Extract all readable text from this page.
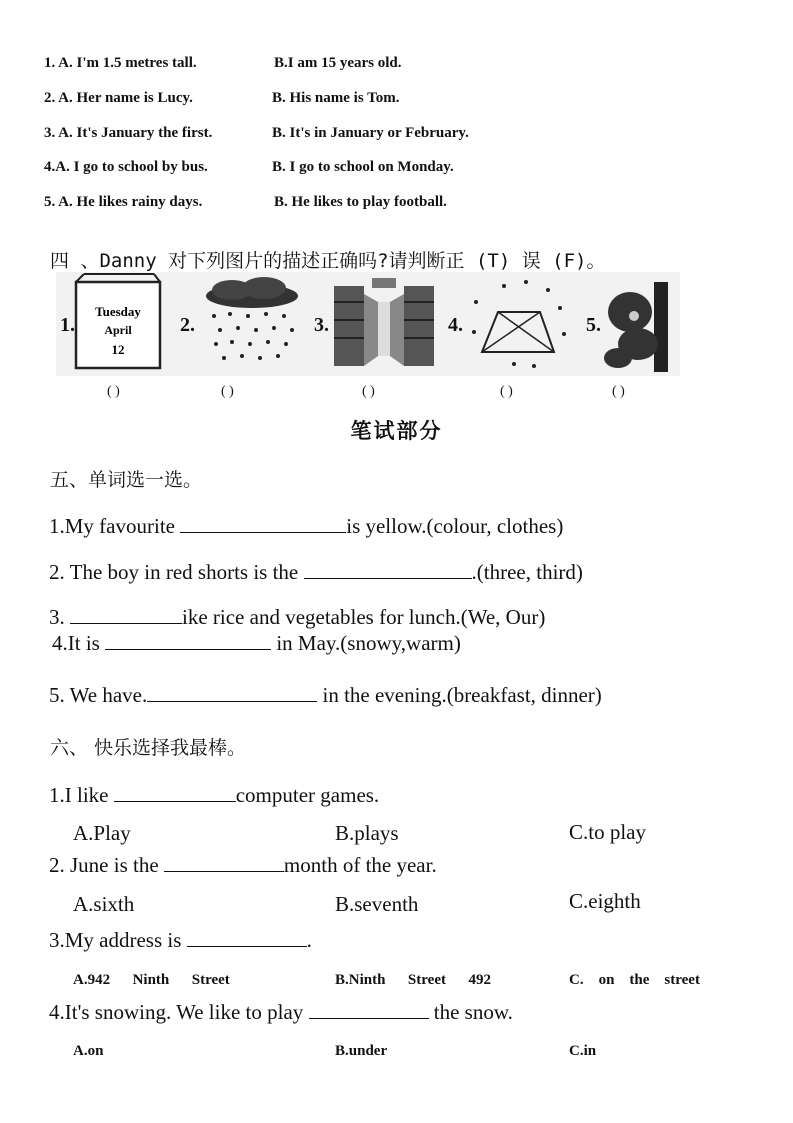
1. A. I'm 1.5 metres tall.	B.I am 15 years old.
2. A. Her name is Lucy.	B. His name is Tom.
3. A. It's January the first.	B. It's in January or February.
4.A. I go to school by bus.	B. I go to school on Monday.
5. A. He likes rainy days.	B. He likes to play football.
四 、Danny 对下列图片的描述正确吗?请判断正 (T) 误 (F)。
1.
Tuesday
April
12
2.	3.	4.	5.
( )	( )	( )	( )	( )
笔试部分
五、单词选一选。
1.My favourite	is yellow.(colour, clothes)
2. The boy in red shorts is the	.(three, third)
3.	ike rice and vegetables for lunch.(We, Our)
4.It is	in May.(snowy,warm)
5. We have.	in the evening.(breakfast, dinner)
六、 快乐选择我最棒。
1.I like	computer games.
A.Play	B.plays	C.to play
2. June is the	month of the year.
A.sixth	B.seventh	C.eighth
3.My address is	.
A.942      Ninth      Street	B.Ninth      Street      492	C.    on    the    street
4.It's snowing. We like to play	the snow.
A.on	B.under	C.in
